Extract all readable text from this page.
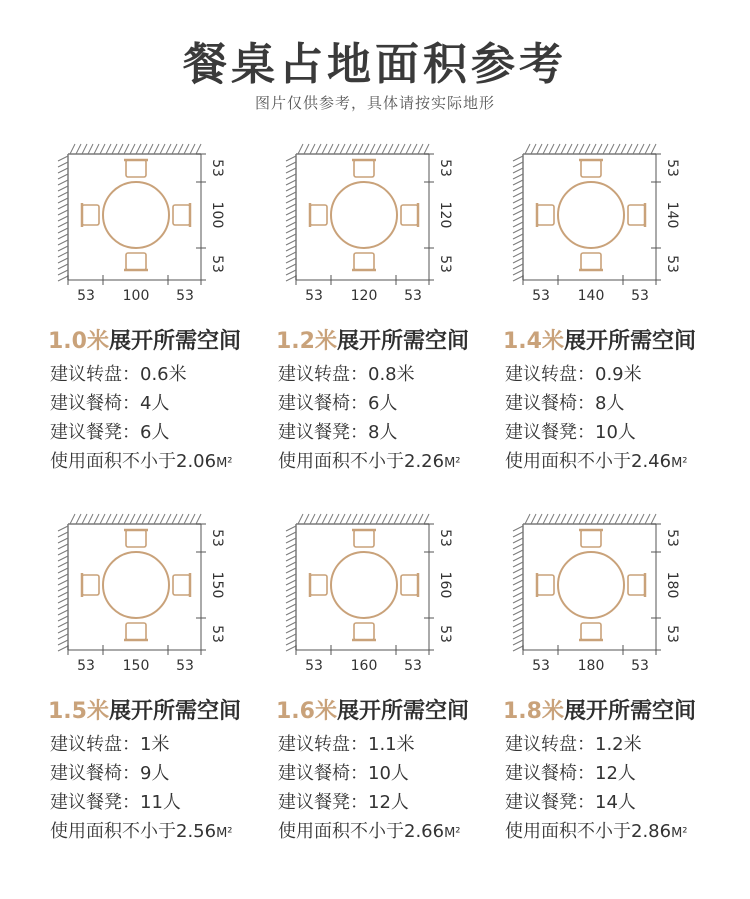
餐桌占地面积参考
图片仅供参考，具体请按实际地形
53 100 53
53
100
53
1.0米展开所需空间
建议转盘：0.6米
建议餐椅：4人
建议餐凳：6人
使用面积不小于2.06M²
53 120 53
53
120
53
1.2米展开所需空间
建议转盘：0.8米
建议餐椅：6人
建议餐凳：8人
使用面积不小于2.26M²
53 140 53
53
140
53
1.4米展开所需空间
建议转盘：0.9米
建议餐椅：8人
建议餐凳：10人
使用面积不小于2.46M²
53 150 53
53
150
53
1.5米展开所需空间
建议转盘：1米
建议餐椅：9人
建议餐凳：11人
使用面积不小于2.56M²
53 160 53
53
160
53
1.6米展开所需空间
建议转盘：1.1米
建议餐椅：10人
建议餐凳：12人
使用面积不小于2.66M²
53 180 53
53
180
53
1.8米展开所需空间
建议转盘：1.2米
建议餐椅：12人
建议餐凳：14人
使用面积不小于2.86M²
